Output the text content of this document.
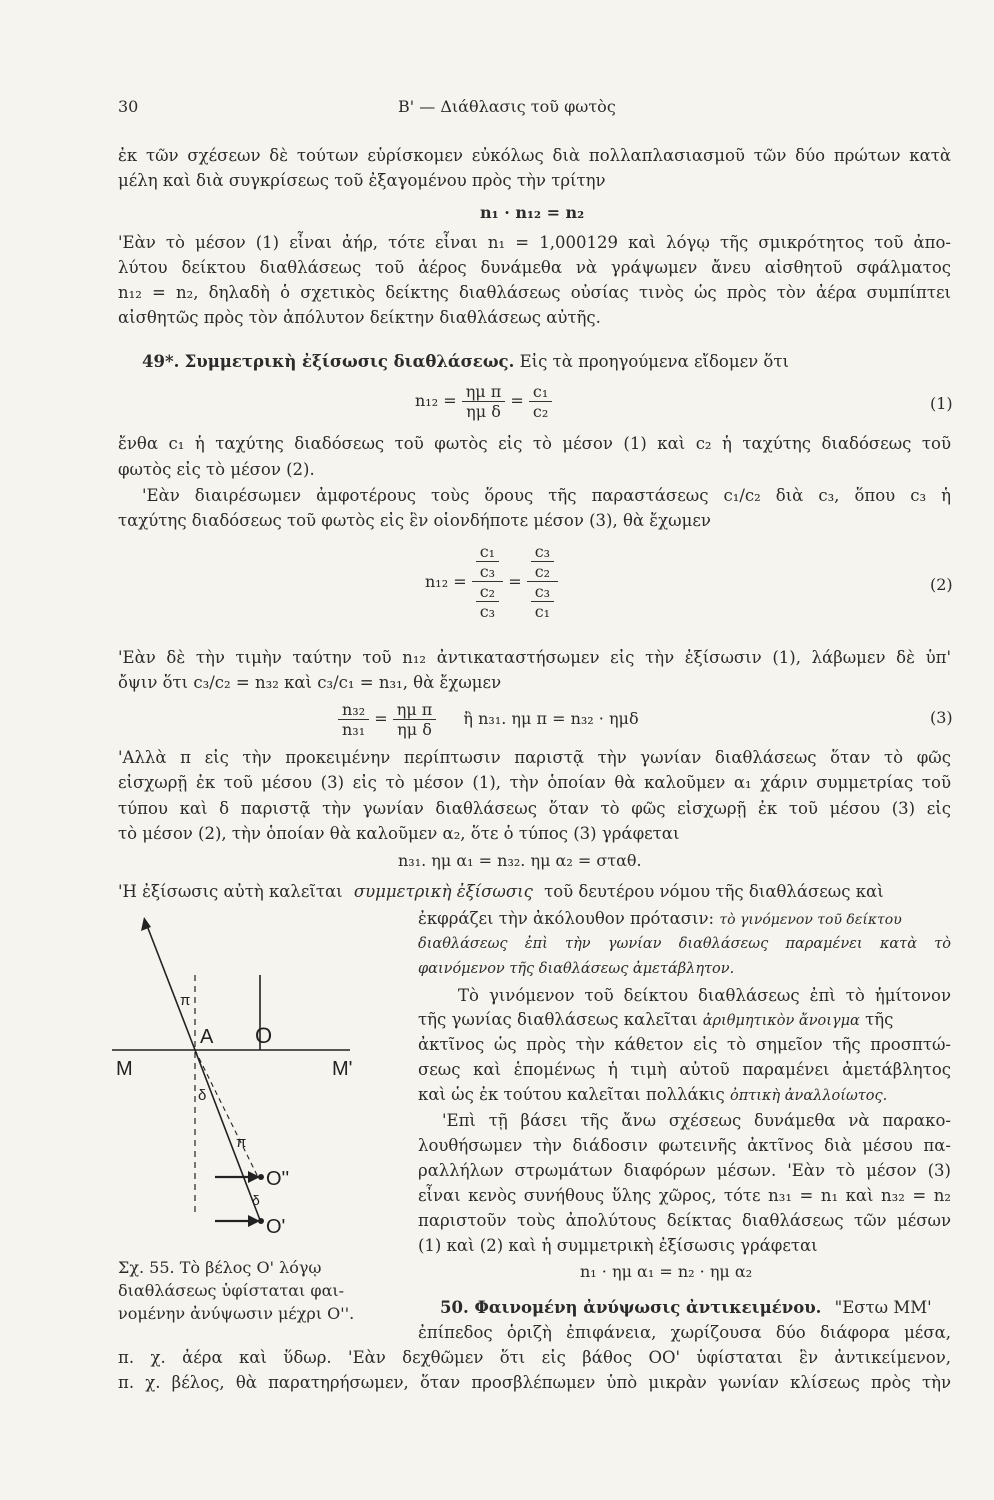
30	B' — Διάθλασις τοῦ φωτὸς
ἐκ τῶν σχέσεων δὲ τούτων εὑρίσκομεν εὐκόλως διὰ πολλαπλασιασμοῦ τῶν δύο πρώτων κατὰ
μέλη καὶ διὰ συγκρίσεως τοῦ ἐξαγομένου πρὸς τὴν τρίτην
n₁ · n₁₂ = n₂
'Εὰν τὸ μέσον (1) εἶναι ἀήρ, τότε εἶναι n₁ = 1,000129 καὶ λόγῳ τῆς σμικρότητος τοῦ ἀπο-
λύτου δείκτου διαθλάσεως τοῦ ἀέρος δυνάμεθα νὰ γράψωμεν ἄνευ αἰσθητοῦ σφάλματος
n₁₂ = n₂, δηλαδὴ ὁ σχετικὸς δείκτης διαθλάσεως οὐσίας τινὸς ὡς πρὸς τὸν ἀέρα συμπίπτει
αἰσθητῶς πρὸς τὸν ἀπόλυτον δείκτην διαθλάσεως αὐτῆς.
49*. Συμμετρικὴ ἐξίσωσις διαθλάσεως. Εἰς τὰ προηγούμενα εἴδομεν ὅτι
$n_{12} = \frac{\text{ημ π}}{\text{ημ δ}} = \frac{\text{c₁}}{\text{c₂}}$	(1)
ἔνθα c₁ ἡ ταχύτης διαδόσεως τοῦ φωτὸς εἰς τὸ μέσον (1) καὶ c₂ ἡ ταχύτης διαδόσεως τοῦ
φωτὸς εἰς τὸ μέσον (2).
'Εὰν διαιρέσωμεν ἀμφοτέρους τοὺς ὅρους τῆς παραστάσεως c₁/c₂ διὰ c₃, ὅπου c₃ ἡ
ταχύτης διαδόσεως τοῦ φωτὸς εἰς ἓν οἱονδήποτε μέσον (3), θὰ ἔχωμεν
$n_{12} = \frac{\frac{\text{c₁}}{\text{c₃}}}{\frac{\text{c₂}}{\text{c₃}}} = \frac{\frac{\text{c₃}}{\text{c₂}}}{\frac{\text{c₃}}{\text{c₁}}}$	(2)
'Εὰν δὲ τὴν τιμὴν ταύτην τοῦ n₁₂ ἀντικαταστήσωμεν εἰς τὴν ἐξίσωσιν (1), λάβωμεν δὲ ὑπ'
ὄψιν ὅτι c₃/c₂ = n₃₂ καὶ c₃/c₁ = n₃₁, θὰ ἔχωμεν
$\frac{\text{n₃₂}}{\text{n₃₁}} = \frac{\text{ημ π}}{\text{ημ δ}}$ ἢ n₃₁. ημ π = n₃₂ · ημδ	(3)
'Αλλὰ π εἰς τὴν προκειμένην περίπτωσιν παριστᾷ τὴν γωνίαν διαθλάσεως ὅταν τὸ φῶς
εἰσχωρῇ ἐκ τοῦ μέσου (3) εἰς τὸ μέσον (1), τὴν ὁποίαν θὰ καλοῦμεν α₁ χάριν συμμετρίας τοῦ
τύπου καὶ δ παριστᾷ τὴν γωνίαν διαθλάσεως ὅταν τὸ φῶς εἰσχωρῇ ἐκ τοῦ μέσου (3) εἰς
τὸ μέσον (2), τὴν ὁποίαν θὰ καλοῦμεν α₂, ὅτε ὁ τύπος (3) γράφεται
n₃₁. ημ α₁ = n₃₂. ημ α₂ = σταθ.
'Η ἐξίσωσις αὐτὴ καλεῖται συμμετρικὴ ἐξίσωσις τοῦ δευτέρου νόμου τῆς διαθλάσεως καὶ
ἐκφράζει τὴν ἀκόλουθον πρότασιν: τὸ γινόμενον τοῦ δείκτου
διαθλάσεως ἐπὶ τὴν γωνίαν διαθλάσεως παραμένει κατὰ τὸ
φαινόμενον τῆς διαθλάσεως ἀμετάβλητον.
Τὸ γινόμενον τοῦ δείκτου διαθλάσεως ἐπὶ τὸ ἡμίτονον
τῆς γωνίας διαθλάσεως καλεῖται ἀριθμητικὸν ἄνοιγμα τῆς
ἀκτῖνος ὡς πρὸς τὴν κάθετον εἰς τὸ σημεῖον τῆς προσπτώ-
σεως καὶ ἑπομένως ἡ τιμὴ αὐτοῦ παραμένει ἀμετάβλητος
καὶ ὡς ἐκ τούτου καλεῖται πολλάκις ὀπτικὴ ἀναλλοίωτος.
'Επὶ τῇ βάσει τῆς ἄνω σχέσεως δυνάμεθα νὰ παρακο-
λουθήσωμεν τὴν διάδοσιν φωτεινῆς ἀκτῖνος διὰ μέσου πα-
ραλλήλων στρωμάτων διαφόρων μέσων. 'Εὰν τὸ μέσον (3)
εἶναι κενὸς συνήθους ὕλης χῶρος, τότε n₃₁ = n₁ καὶ n₃₂ = n₂
παριστοῦν τοὺς ἀπολύτους δείκτας διαθλάσεως τῶν μέσων
(1) καὶ (2) καὶ ἡ συμμετρικὴ ἐξίσωσις γράφεται
n₁ · ημ α₁ = n₂ · ημ α₂
π
A O
M	M'
δ
π
O''
δ
O'
Σχ. 55. Τὸ βέλος O' λόγῳ
διαθλάσεως ὑφίσταται φαι-
νομένην ἀνύψωσιν μέχρι O''.	50. Φαινομένη ἀνύψωσις ἀντικειμένου. "Εστω ΜΜ'
ἐπίπεδος ὁριζὴ ἐπιφάνεια, χωρίζουσα δύο διάφορα μέσα,
π. χ. ἀέρα καὶ ὕδωρ. 'Εὰν δεχθῶμεν ὅτι εἰς βάθος ΟΟ' ὑφίσταται ἓν ἀντικείμενον,
π. χ. βέλος, θὰ παρατηρήσωμεν, ὅταν προσβλέπωμεν ὑπὸ μικρὰν γωνίαν κλίσεως πρὸς τὴν
